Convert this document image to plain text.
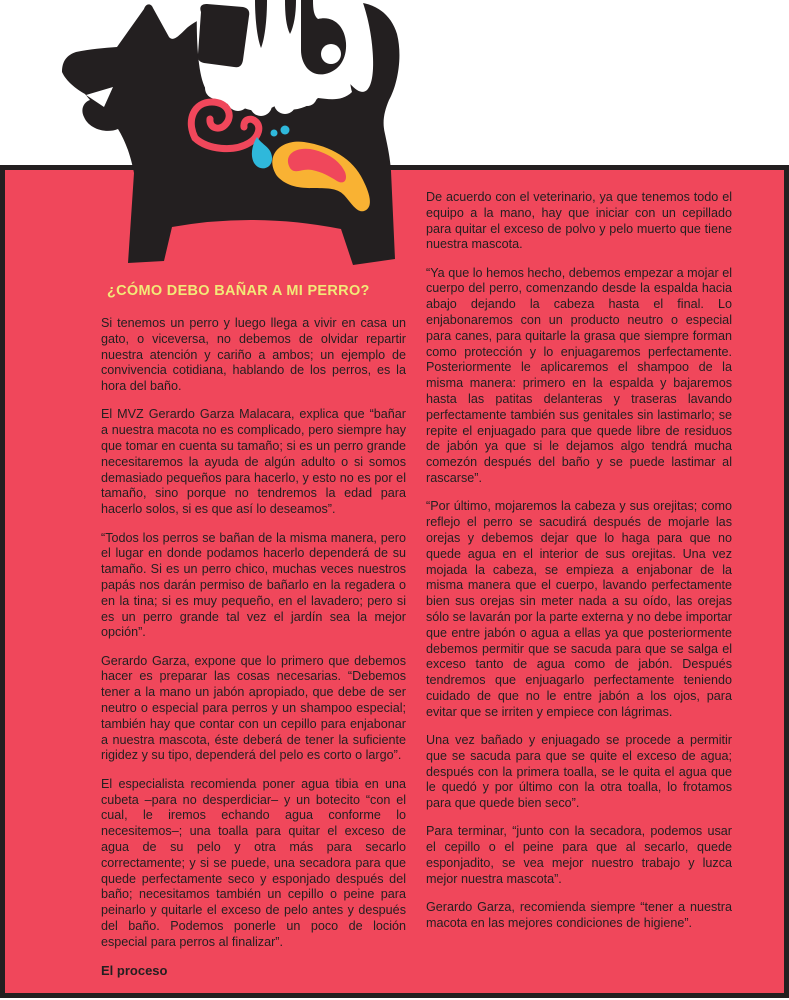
¿CÓMO DEBO BAÑAR A MI PERRO?

Si tenemos un perro y luego llega a vivir en casa un gato, o viceversa, no debemos de olvidar repartir nuestra atención y cariño a ambos; un ejemplo de convivencia cotidiana, hablando de los perros, es la hora del baño.

El MVZ Gerardo Garza Malacara, explica que “bañar a nuestra macota no es complicado, pero siempre hay que tomar en cuenta su tamaño; si es un perro grande necesitaremos la ayuda de algún adulto o si somos demasiado pequeños para hacerlo, y esto no es por el tamaño, sino porque no tendremos la edad para hacerlo solos, si es que así lo deseamos”.

“Todos los perros se bañan de la misma manera, pero el lugar en donde podamos hacerlo dependerá de su tamaño. Si es un perro chico, muchas veces nuestros papás nos darán permiso de bañarlo en la regadera o en la tina; si es muy pequeño, en el lavadero; pero si es un perro grande tal vez el jardín sea la mejor opción”.

Gerardo Garza, expone que lo primero que debemos hacer es preparar las cosas necesarias. “Debemos tener a la mano un jabón apropiado, que debe de ser neutro o especial para perros y un shampoo especial; también hay que contar con un cepillo para enjabonar a nuestra mascota, éste deberá de tener la suficiente rigidez y su tipo, dependerá del pelo es corto o largo”.

El especialista recomienda poner agua tibia en una cubeta –para no desperdiciar– y un botecito “con el cual, le iremos echando agua conforme lo necesitemos–; una toalla para quitar el exceso de agua de su pelo y otra más para secarlo correctamente; y si se puede, una secadora para que quede perfectamente seco y esponjado después del baño; necesitamos también un cepillo o peine para peinarlo y quitarle el exceso de pelo antes y después del baño. Podemos ponerle un poco de loción especial para perros al finalizar”.

El proceso

De acuerdo con el veterinario, ya que tenemos todo el equipo a la mano, hay que iniciar con un cepillado para quitar el exceso de polvo y pelo muerto que tiene nuestra mascota.

“Ya que lo hemos hecho, debemos empezar a mojar el cuerpo del perro, comenzando desde la espalda hacia abajo dejando la cabeza hasta el final. Lo enjabonaremos con un producto neutro o especial para canes, para quitarle la grasa que siempre forman como protección y lo enjuagaremos perfectamente. Posteriormente le aplicaremos el shampoo de la misma manera: primero en la espalda y bajaremos hasta las patitas delanteras y traseras lavando perfectamente también sus genitales sin lastimarlo; se repite el enjuagado para que quede libre de residuos de jabón ya que si le dejamos algo tendrá mucha comezón después del baño y se puede lastimar al rascarse”.

“Por último, mojaremos la cabeza y sus orejitas; como reflejo el perro se sacudirá después de mojarle las orejas y debemos dejar que lo haga para que no quede agua en el interior de sus orejitas. Una vez mojada la cabeza, se empieza a enjabonar de la misma manera que el cuerpo, lavando perfectamente bien sus orejas sin meter nada a su oído, las orejas sólo se lavarán por la parte externa y no debe importar que entre jabón o agua a ellas ya que posteriormente debemos permitir que se sacuda para que se salga el exceso tanto de agua como de jabón. Después tendremos que enjuagarlo perfectamente teniendo cuidado de que no le entre jabón a los ojos, para evitar que se irriten y empiece con lágrimas.

Una vez bañado y enjuagado se procede a permitir que se sacuda para que se quite el exceso de agua; después con la primera toalla, se le quita el agua que le quedó y por último con la otra toalla, lo frotamos para que quede bien seco”.

Para terminar, “junto con la secadora, podemos usar el cepillo o el peine para que al secarlo, quede esponjadito, se vea mejor nuestro trabajo y luzca mejor nuestra mascota”.

Gerardo Garza, recomienda siempre “tener a nuestra macota en las mejores condiciones de higiene”.
